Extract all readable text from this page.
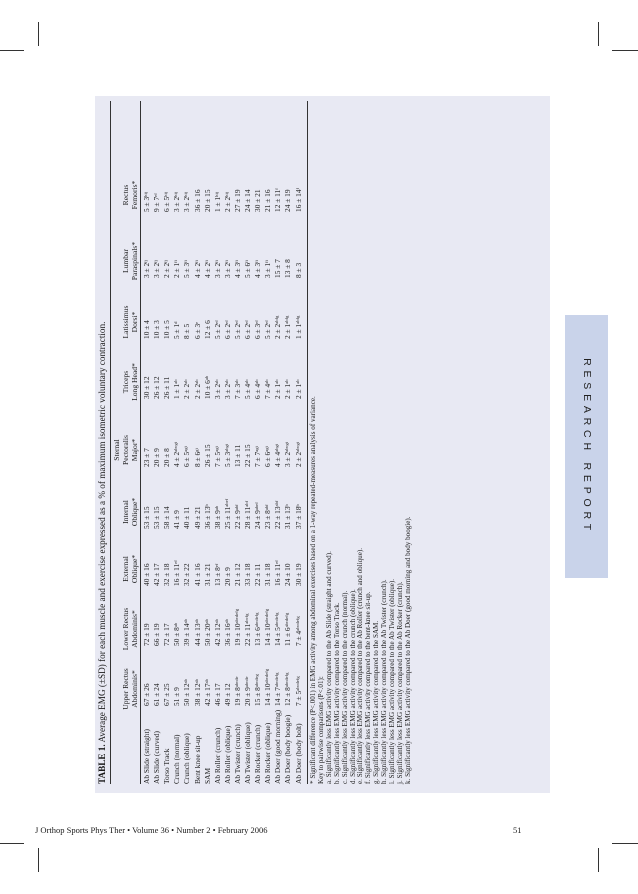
TABLE 1. Average EMG (±SD) for each muscle and exercise expressed as a % of maximum isometric voluntary contraction. Upper Rectus Abdominis*
Lower Rectus Abdominis*
External Oblique*
Internal Oblique*
Sternal Pectoralis Major*
Triceps Long Head*
Latissimus Dorsi*
Lumbar Paraspinals*
Rectus Femoris*
Ab Slide (straight)
67 ± 26
72 ± 19
40 ± 16
53 ± 15
23 ± 7
30 ± 12
10 ± 4
$3 \pm 2^{fj}$
$5 \pm 3^{hij}$
Ab Slide (curved)
61 ± 24
66 ± 19
42 ± 17
53 ± 15
20 ± 9
26 ± 12
10 ± 3
$3 \pm 2^{fj}$
$9 \pm 7^{ef}$
Torso Track
67 ± 25
72 ± 17
32 ± 18
58 ± 14
20 ± 8
26 ± 11
10 ± 5
$2 \pm 2^{fj}$
$6 \pm 5^{hij}$
Crunch (normal)
51 ± 9
$50 \pm 8^{ab}$
$16 \pm 11^{ef}$
41 ± 9
$4 \pm 2^{abcgi}$
$1 \pm 1^{ab}$
$5 \pm 1^d$
$2 \pm 1^{fi}$
$3 \pm 2^{hij}$
Crunch (oblique)
$50 \pm 12^{ab}$
$39 \pm 14^{ab}$
32 ± 22
40 ± 11
$6 \pm 5^{agi}$
$2 \pm 2^{ab}$
8 ± 5
$5 \pm 3^{fi}$
$3 \pm 2^{hij}$
Bent knee sit-up
$38 \pm 12^{ab}$
$44 \pm 13^{ab}$
41 ± 16
49 ± 21
$8 \pm 6^{gi}$
$2 \pm 2^{ab}$
$6 \pm 3^e$
$4 \pm 2^{fi}$
36 ± 16
SAM
$42 \pm 17^{ab}$
$50 \pm 20^{ab}$
31 ± 21
$36 \pm 13^b$
26 ± 15
$10 \pm 6^{ab}$
12 ± 6
$4 \pm 2^{fi}$
20 ± 15
Ab Roller (crunch)
46 ± 17
$42 \pm 12^{ab}$
$13 \pm 8^{ef}$
$38 \pm 9^{ab}$
$7 \pm 5^{agi}$
$3 \pm 2^{ab}$
$5 \pm 2^{ef}$
$3 \pm 2^{fi}$
$1 \pm 1^{hij}$
Ab Roller (oblique)
49 ± 12
$36 \pm 16^{ab}$
20 ± 9
$25 \pm 11^{abef}$
$5 \pm 3^{abgi}$
$3 \pm 2^{ab}$
$6 \pm 2^{ef}$
$3 \pm 2^{fi}$
$2 \pm 2^{hij}$
Ab Twister (crunch)
$19 \pm 8^{abcde}$
$19 \pm 10^{abcdefg}$
21 ± 12
$22 \pm 9^{abf}$
13 ± 11
$7 \pm 3^{ab}$
$5 \pm 2^{ef}$
$4 \pm 3^{fi}$
27 ± 19
Ab Twister (oblique)
$20 \pm 9^{abcde}$
$22 \pm 11^{abcfg}$
33 ± 18
$28 \pm 11^{abf}$
22 ± 15
$5 \pm 4^{ab}$
$6 \pm 2^{ef}$
$5 \pm 6^{fi}$
24 ± 14
Ab Rocker (crunch)
$15 \pm 8^{abcdeg}$
$13 \pm 6^{abcdefg}$
22 ± 11
$24 \pm 9^{abef}$
$7 \pm 7^{agi}$
$6 \pm 4^{ab}$
$6 \pm 3^{ef}$
$4 \pm 3^{fi}$
30 ± 21
Ab Rocker (oblique)
$14 \pm 10^{abcdefg}$
$14 \pm 10^{abcdefg}$
31 ± 18
$23 \pm 8^{abf}$
$6 \pm 6^{agi}$
$7 \pm 4^{ab}$
$5 \pm 2^{ef}$
$3 \pm 1^{fi}$
21 ± 16
Ab Doer (good morning)
$14 \pm 7^{abcdefg}$
$14 \pm 5^{abcdefg}$
$16 \pm 11^{ef}$
$22 \pm 13^{abf}$
$4 \pm 4^{abgi}$
$2 \pm 1^{ab}$
$2 \pm 2^{abfg}$
15 ± 7
$12 \pm 11^f$
Ab Doer (body boogie)
$12 \pm 8^{abcdefg}$
$11 \pm 6^{abcdefg}$
24 ± 10
$31 \pm 13^b$
$3 \pm 2^{abcgi}$
$2 \pm 1^{ab}$
$2 \pm 1^{abfg}$
13 ± 8
24 ± 19
Ab Doer (body bolt)
$7 \pm 5^{abcdefg}$
$7 \pm 4^{abcdefg}$
30 ± 19
$37 \pm 18^b$
$2 \pm 2^{abcgi}$
$2 \pm 1^{ab}$
$1 \pm 1^{abfg}$
8 ± 3
$16 \pm 14^f$
* Significant difference (P<.001) in EMG activity among abdominal exercises based on a 1-way repeated-measures analysis of variance. Key to pairwise comparisons (P<.01): a. Significantly less EMG activity compared to the Ab Slide (straight and curved). b. Significantly less EMG activity compared to the Torso Track. c. Significantly less EMG activity compared to the crunch (normal). d. Significantly less EMG activity compared to the crunch (oblique). e. Significantly less EMG activity compared to the Ab Roller (crunch and oblique). f. Significantly less EMG activity compared to the bent-knee sit-up. g. Significantly less EMG activity compared to the SAM. h. Significantly less EMG activity compared to the Ab Twister (crunch). i. Significantly less EMG activity compared to the Ab Twister (oblique). j. Significantly less EMG activity compared to the Ab Rocker (crunch). k. Significantly less EMG activity compared to the Ab Doer (good morning and body boogie).
RESEARCH REPORT
J Orthop Sports Phys Ther • Volume 36 • Number 2 • February 2006	51
